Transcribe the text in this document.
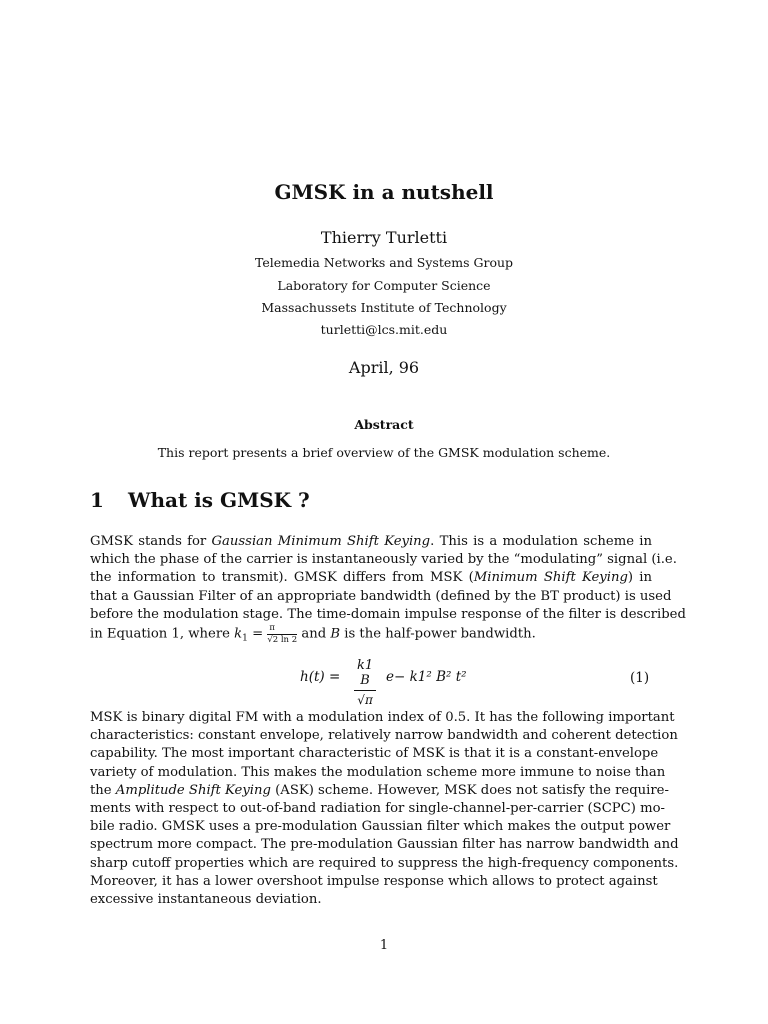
GMSK in a nutshell
Thierry Turletti
Telemedia Networks and Systems Group
Laboratory for Computer Science
Massachussets Institute of Technology
turletti@lcs.mit.edu
April, 96
Abstract
This report presents a brief overview of the GMSK modulation scheme.
1 What is GMSK ?

GMSK stands for Gaussian Minimum Shift Keying. This is a modulation scheme in

which the phase of the carrier is instantaneously varied by the “modulating” signal (i.e.

the information to transmit). GMSK differs from MSK (Minimum Shift Keying) in

that a Gaussian Filter of an appropriate bandwidth (defined by the BT product) is used

before the modulation stage. The time-domain impulse response of the filter is described

in Equation 1, where $k_1 = \frac{\pi}{√2 \ln 2}$ and B is the half-power bandwidth.

$h(t) = \frac{k1 B}{√\pi} e- k1^2$ B² t²	(1)

MSK is binary digital FM with a modulation index of 0.5. It has the following important

characteristics: constant envelope, relatively narrow bandwidth and coherent detection

capability. The most important characteristic of MSK is that it is a constant-envelope

variety of modulation. This makes the modulation scheme more immune to noise than

the Amplitude Shift Keying (ASK) scheme. However, MSK does not satisfy the require-

ments with respect to out-of-band radiation for single-channel-per-carrier (SCPC) mo-

bile radio. GMSK uses a pre-modulation Gaussian filter which makes the output power

spectrum more compact. The pre-modulation Gaussian filter has narrow bandwidth and

sharp cutoff properties which are required to suppress the high-frequency components.

Moreover, it has a lower overshoot impulse response which allows to protect against

excessive instantaneous deviation.

1
